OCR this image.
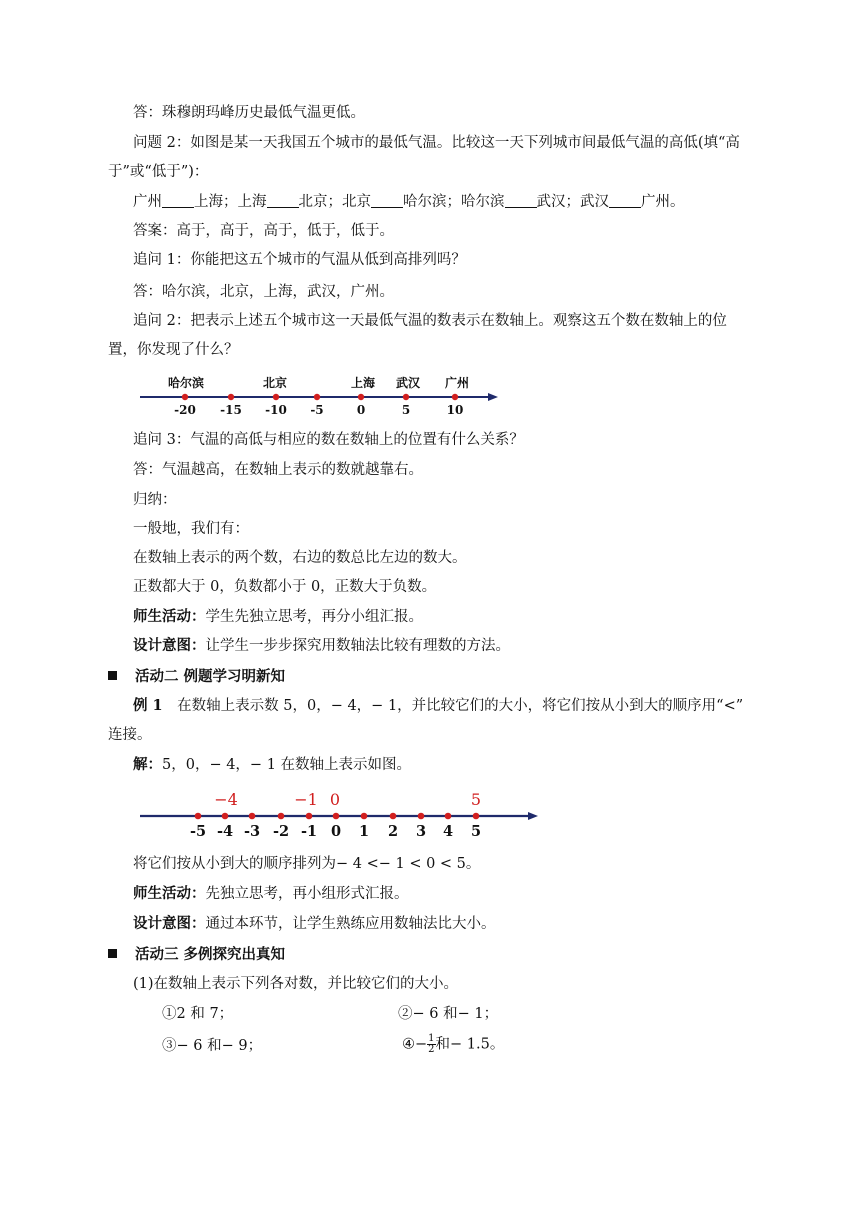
答：珠穆朗玛峰历史最低气温更低。
问题 2：如图是某一天我国五个城市的最低气温。比较这一天下列城市间最低气温的高低(填“高
于”或“低于”)：
广州 上海；上海 北京；北京 哈尔滨；哈尔滨 武汉；武汉 广州。
答案：高于，高于，高于，低于，低于。
追问 1：你能把这五个城市的气温从低到高排列吗？
答：哈尔滨，北京，上海，武汉，广州。
追问 2：把表示上述五个城市这一天最低气温的数表示在数轴上。观察这五个数在数轴上的位
置，你发现了什么？
哈尔滨	北京	上海 武汉 广州
-20 -15 -10 -5	0	5	10
追问 3：气温的高低与相应的数在数轴上的位置有什么关系？
答：气温越高，在数轴上表示的数就越靠右。
归纳：
一般地，我们有：
在数轴上表示的两个数，右边的数总比左边的数大。
正数都大于 0，负数都小于 0，正数大于负数。
师生活动：学生先独立思考，再分小组汇报。
设计意图：让学生一步步探究用数轴法比较有理数的方法。
活动二 例题学习明新知
例 1　在数轴上表示数 5，0，− 4，− 1，并比较它们的大小，将它们按从小到大的顺序用“<”
连接。
解：5，0，− 4，− 1 在数轴上表示如图。
−4	−1 0	5
-5 -4 -3 -2 -1 0 1 2 3 4 5
将它们按从小到大的顺序排列为− 4 <− 1 < 0 < 5。
师生活动：先独立思考，再小组形式汇报。
设计意图：通过本环节，让学生熟练应用数轴法比大小。
活动三 多例探究出真知
(1)在数轴上表示下列各对数，并比较它们的大小。
①2 和 7；	②− 6 和− 1；
③− 6 和− 9；	④− $\frac{1}{2}$ 和− 1.5。
